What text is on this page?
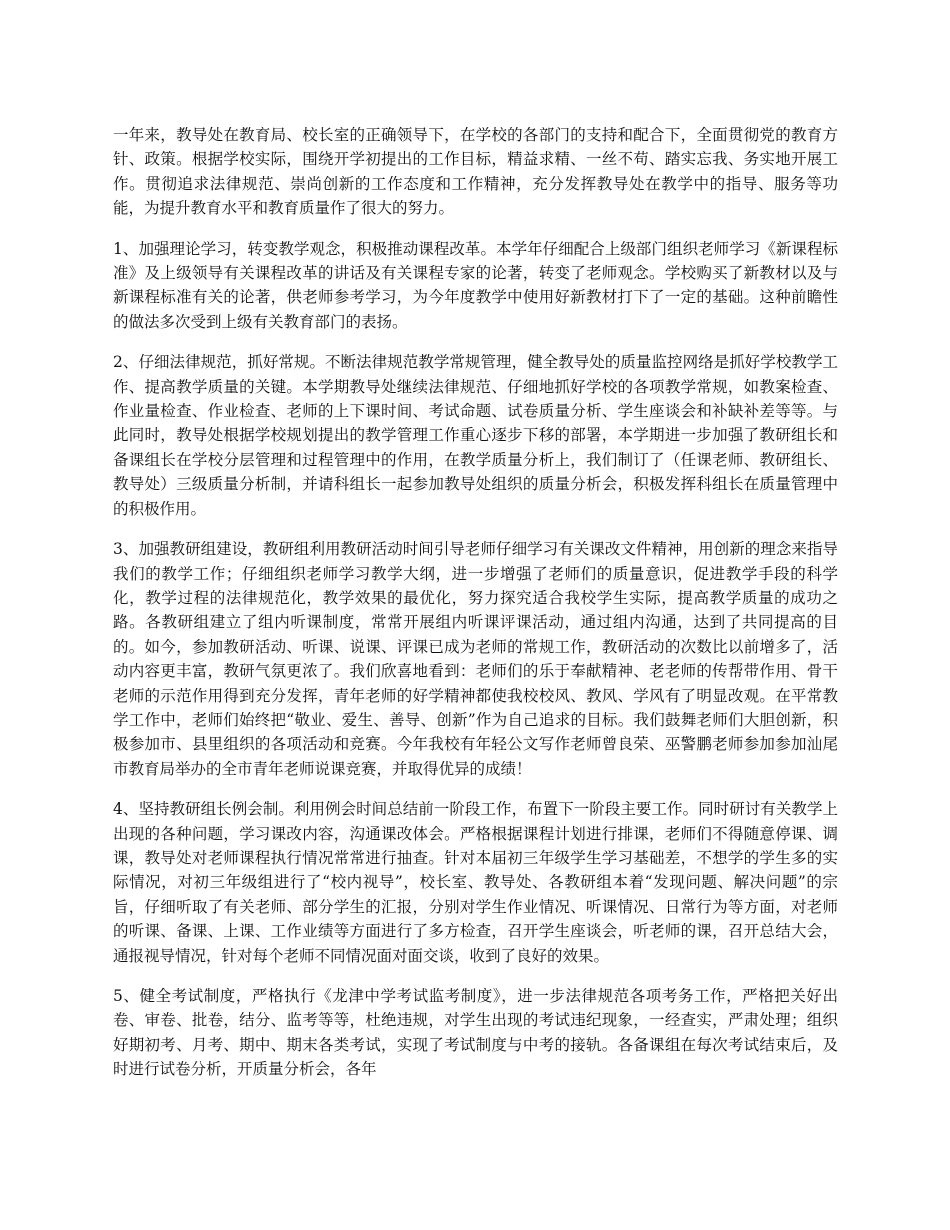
一年来，教导处在教育局、校长室的正确领导下，在学校的各部门的支持和配合下，全面贯彻党的教育方针、政策。根据学校实际，围绕开学初提出的工作目标，精益求精、一丝不苟、踏实忘我、务实地开展工作。贯彻追求法律规范、崇尚创新的工作态度和工作精神，充分发挥教导处在教学中的指导、服务等功能，为提升教育水平和教育质量作了很大的努力。

1、加强理论学习，转变教学观念，积极推动课程改革。本学年仔细配合上级部门组织老师学习《新课程标准》及上级领导有关课程改革的讲话及有关课程专家的论著，转变了老师观念。学校购买了新教材以及与新课程标准有关的论著，供老师参考学习，为今年度教学中使用好新教材打下了一定的基础。这种前瞻性的做法多次受到上级有关教育部门的表扬。

2、仔细法律规范，抓好常规。不断法律规范教学常规管理，健全教导处的质量监控网络是抓好学校教学工作、提高教学质量的关键。本学期教导处继续法律规范、仔细地抓好学校的各项教学常规，如教案检查、作业量检查、作业检查、老师的上下课时间、考试命题、试卷质量分析、学生座谈会和补缺补差等等。与此同时，教导处根据学校规划提出的教学管理工作重心逐步下移的部署，本学期进一步加强了教研组长和备课组长在学校分层管理和过程管理中的作用，在教学质量分析上，我们制订了（任课老师、教研组长、教导处）三级质量分析制，并请科组长一起参加教导处组织的质量分析会，积极发挥科组长在质量管理中的积极作用。

3、加强教研组建设，教研组利用教研活动时间引导老师仔细学习有关课改文件精神，用创新的理念来指导我们的教学工作；仔细组织老师学习教学大纲，进一步增强了老师们的质量意识，促进教学手段的科学化，教学过程的法律规范化，教学效果的最优化，努力探究适合我校学生实际，提高教学质量的成功之路。各教研组建立了组内听课制度，常常开展组内听课评课活动，通过组内沟通，达到了共同提高的目的。如今，参加教研活动、听课、说课、评课已成为老师的常规工作，教研活动的次数比以前增多了，活动内容更丰富，教研气氛更浓了。我们欣喜地看到：老师们的乐于奉献精神、老老师的传帮带作用、骨干老师的示范作用得到充分发挥，青年老师的好学精神都使我校校风、教风、学风有了明显改观。在平常教学工作中，老师们始终把“敬业、爱生、善导、创新”作为自己追求的目标。我们鼓舞老师们大胆创新，积极参加市、县里组织的各项活动和竞赛。今年我校有年轻公文写作老师曾良荣、巫警鹏老师参加参加汕尾市教育局举办的全市青年老师说课竞赛，并取得优异的成绩！

4、坚持教研组长例会制。利用例会时间总结前一阶段工作，布置下一阶段主要工作。同时研讨有关教学上出现的各种问题，学习课改内容，沟通课改体会。严格根据课程计划进行排课，老师们不得随意停课、调课，教导处对老师课程执行情况常常进行抽查。针对本届初三年级学生学习基础差，不想学的学生多的实际情况，对初三年级组进行了“校内视导”，校长室、教导处、各教研组本着“发现问题、解决问题”的宗旨，仔细听取了有关老师、部分学生的汇报，分别对学生作业情况、听课情况、日常行为等方面，对老师的听课、备课、上课、工作业绩等方面进行了多方检查，召开学生座谈会，听老师的课，召开总结大会，通报视导情况，针对每个老师不同情况面对面交谈，收到了良好的效果。

5、健全考试制度，严格执行《龙津中学考试监考制度》，进一步法律规范各项考务工作，严格把关好出卷、审卷、批卷，结分、监考等等，杜绝违规，对学生出现的考试违纪现象，一经查实，严肃处理；组织好期初考、月考、期中、期末各类考试，实现了考试制度与中考的接轨。各备课组在每次考试结束后，及时进行试卷分析，开质量分析会，各年
